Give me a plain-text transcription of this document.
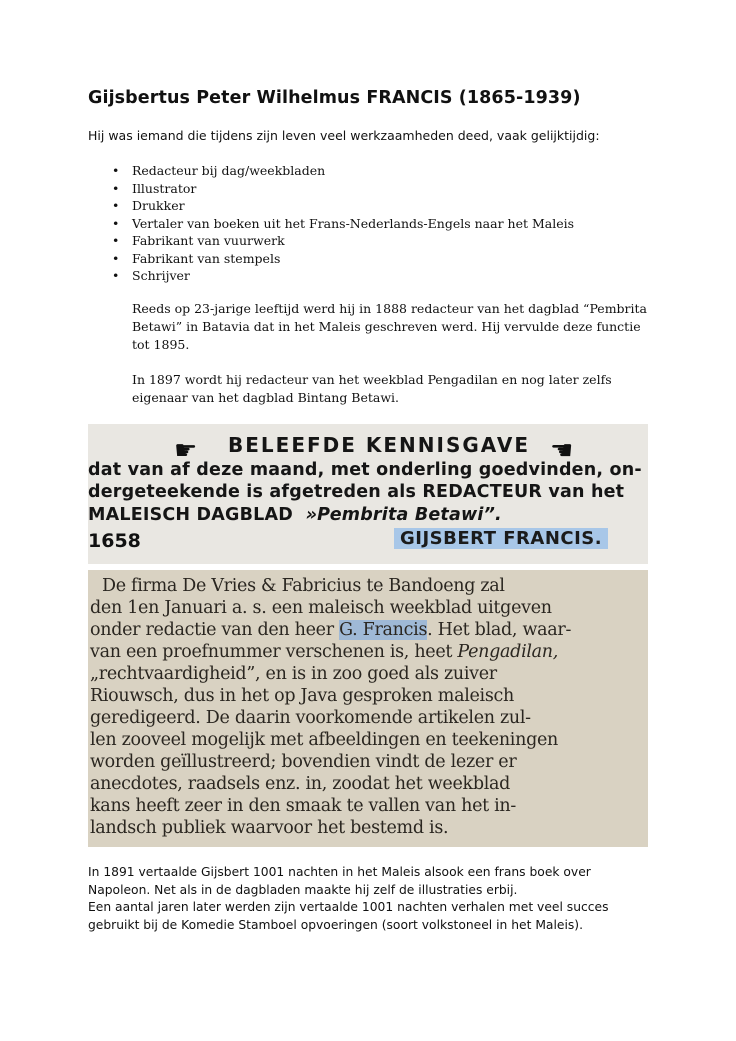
Gijsbertus Peter Wilhelmus FRANCIS (1865-1939)
Hij was iemand die tijdens zijn leven veel werkzaamheden deed, vaak gelijktijdig:
• Redacteur bij dag/weekbladen
• Illustrator
• Drukker
• Vertaler van boeken uit het Frans-Nederlands-Engels naar het Maleis
• Fabrikant van vuurwerk
• Fabrikant van stempels
• Schrijver
Reeds op 23-jarige leeftijd werd hij in 1888 redacteur van het dagblad “Pembrita
Betawi” in Batavia dat in het Maleis geschreven werd. Hij vervulde deze functie
tot 1895.
In 1897 wordt hij redacteur van het weekblad Pengadilan en nog later zelfs
eigenaar van het dagblad Bintang Betawi.
☛ BELEEFDE KENNISGAVE ☚
dat van af deze maand, met onderling goedvinden, on-
dergeteekende is afgetreden als REDACTEUR van het
MALEISCH DAGBLAD »Pembrita Betawi”.
1658	GIJSBERT FRANCIS.
De firma De Vries & Fabricius te Bandoeng zal
den 1en Januari a. s. een maleisch weekblad uitgeven
onder redactie van den heer G. Francis. Het blad, waar-
van een proefnummer verschenen is, heet Pengadilan,
„rechtvaardigheid”, en is in zoo goed als zuiver
Riouwsch, dus in het op Java gesproken maleisch
geredigeerd. De daarin voorkomende artikelen zul-
len zooveel mogelijk met afbeeldingen en teekeningen
worden geïllustreerd; bovendien vindt de lezer er
anecdotes, raadsels enz. in, zoodat het weekblad
kans heeft zeer in den smaak te vallen van het in-
landsch publiek waarvoor het bestemd is.
In 1891 vertaalde Gijsbert 1001 nachten in het Maleis alsook een frans boek over
Napoleon. Net als in de dagbladen maakte hij zelf de illustraties erbij.
Een aantal jaren later werden zijn vertaalde 1001 nachten verhalen met veel succes
gebruikt bij de Komedie Stamboel opvoeringen (soort volkstoneel in het Maleis).
